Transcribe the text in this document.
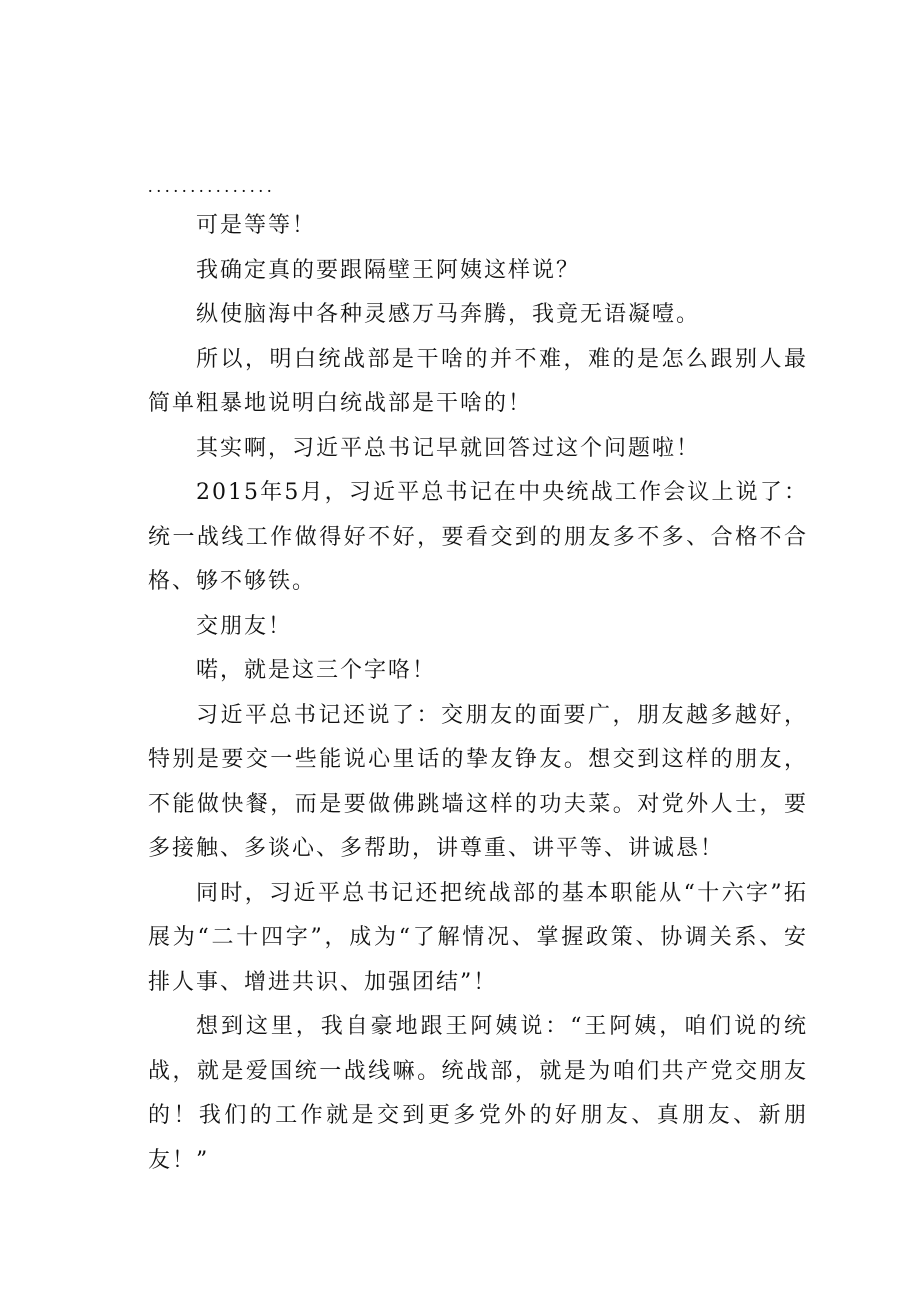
...............

可是等等！

我确定真的要跟隔壁王阿姨这样说？

纵使脑海中各种灵感万马奔腾，我竟无语凝噎。

所以，明白统战部是干啥的并不难，难的是怎么跟别人最简单粗暴地说明白统战部是干啥的！

其实啊，习近平总书记早就回答过这个问题啦！

2015年5月，习近平总书记在中央统战工作会议上说了：统一战线工作做得好不好，要看交到的朋友多不多、合格不合格、够不够铁。

交朋友！

喏，就是这三个字咯！

习近平总书记还说了：交朋友的面要广，朋友越多越好，特别是要交一些能说心里话的挚友铮友。想交到这样的朋友，不能做快餐，而是要做佛跳墙这样的功夫菜。对党外人士，要多接触、多谈心、多帮助，讲尊重、讲平等、讲诚恳！

同时，习近平总书记还把统战部的基本职能从“十六字”拓展为“二十四字”，成为“了解情况、掌握政策、协调关系、安排人事、增进共识、加强团结”！

想到这里，我自豪地跟王阿姨说：“王阿姨，咱们说的统战，就是爱国统一战线嘛。统战部，就是为咱们共产党交朋友的！我们的工作就是交到更多党外的好朋友、真朋友、新朋友！”
